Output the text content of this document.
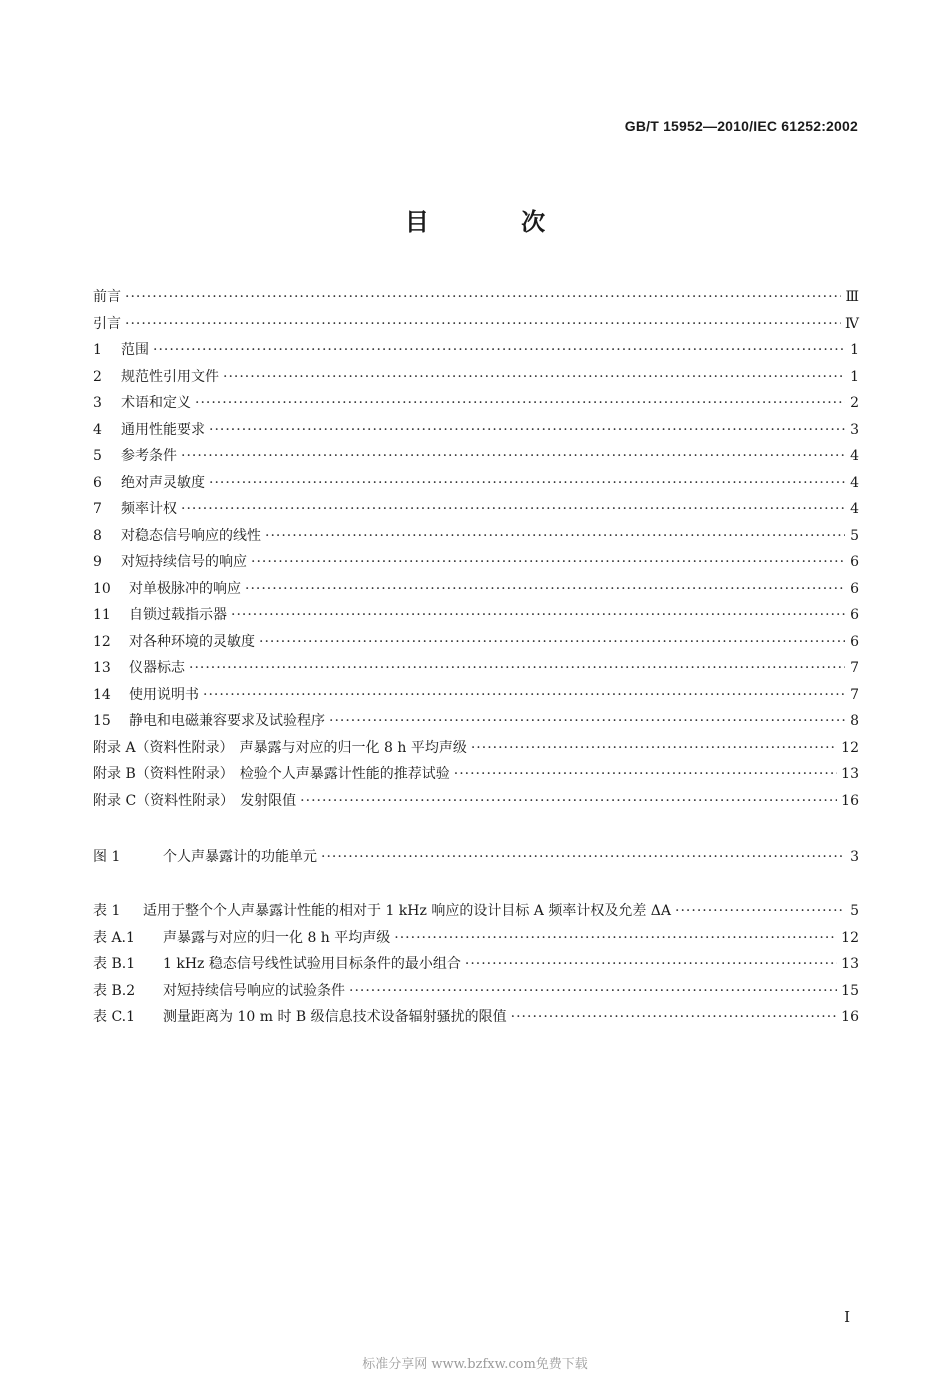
GB/T 15952—2010/IEC 61252:2002
目 次
前言 ·····	Ⅲ
引言 ·····	Ⅳ
1	范围 ·····	1
2	规范性引用文件 ·····	1
3	术语和定义 ·····	2
4	通用性能要求 ·····	3
5	参考条件 ·····	4
6	绝对声灵敏度 ·····	4
7	频率计权 ·····	4
8	对稳态信号响应的线性 ·····	5
9	对短持续信号的响应 ·····	6
10	对单极脉冲的响应 ·····	6
11	自锁过载指示器 ·····	6
12	对各种环境的灵敏度 ·····	6
13	仪器标志 ·····	7
14	使用说明书 ·····	7
15	静电和电磁兼容要求及试验程序 ·····	8
附录 A（资料性附录） 声暴露与对应的归一化 8 h 平均声级 ·····	12
附录 B（资料性附录） 检验个人声暴露计性能的推荐试验 ·····	13
附录 C（资料性附录） 发射限值 ·····	16
图 1	个人声暴露计的功能单元 ·····	3
表 1	适用于整个个人声暴露计性能的相对于 1 kHz 响应的设计目标 A 频率计权及允差 ΔA ·····	5
表 A.1	声暴露与对应的归一化 8 h 平均声级 ·····	12
表 B.1	1 kHz 稳态信号线性试验用目标条件的最小组合 ·····	13
表 B.2	对短持续信号响应的试验条件 ·····	15
表 C.1	测量距离为 10 m 时 B 级信息技术设备辐射骚扰的限值 ·····	16
I
标准分享网 www.bzfxw.com免费下载
